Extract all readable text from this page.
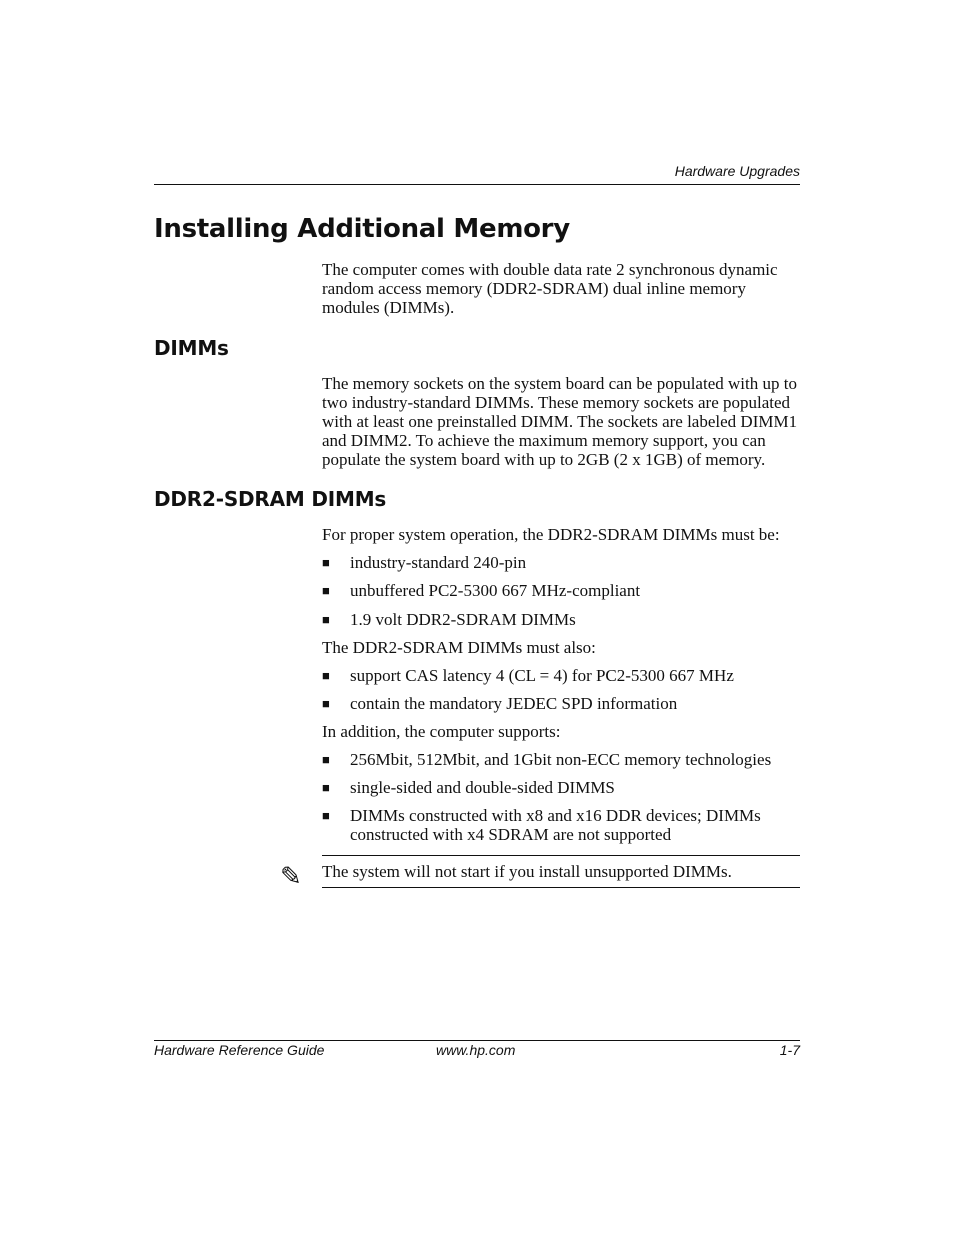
Hardware Upgrades
Installing Additional Memory
The computer comes with double data rate 2 synchronous dynamic random access memory (DDR2-SDRAM) dual inline memory modules (DIMMs).
DIMMs
The memory sockets on the system board can be populated with up to two industry-standard DIMMs. These memory sockets are populated with at least one preinstalled DIMM. The sockets are labeled DIMM1 and DIMM2. To achieve the maximum memory support, you can populate the system board with up to 2GB (2 x 1GB) of memory.
DDR2-SDRAM DIMMs
For proper system operation, the DDR2-SDRAM DIMMs must be:
■ industry-standard 240-pin
■ unbuffered PC2-5300 667 MHz-compliant
■ 1.9 volt DDR2-SDRAM DIMMs
The DDR2-SDRAM DIMMs must also:
■ support CAS latency 4 (CL = 4) for PC2-5300 667 MHz
■ contain the mandatory JEDEC SPD information
In addition, the computer supports:
■ 256Mbit, 512Mbit, and 1Gbit non-ECC memory technologies
■ single-sided and double-sided DIMMS
■ DIMMs constructed with x8 and x16 DDR devices; DIMMs constructed with x4 SDRAM are not supported
✎ The system will not start if you install unsupported DIMMs.
Hardware Reference Guide	www.hp.com	1-7
